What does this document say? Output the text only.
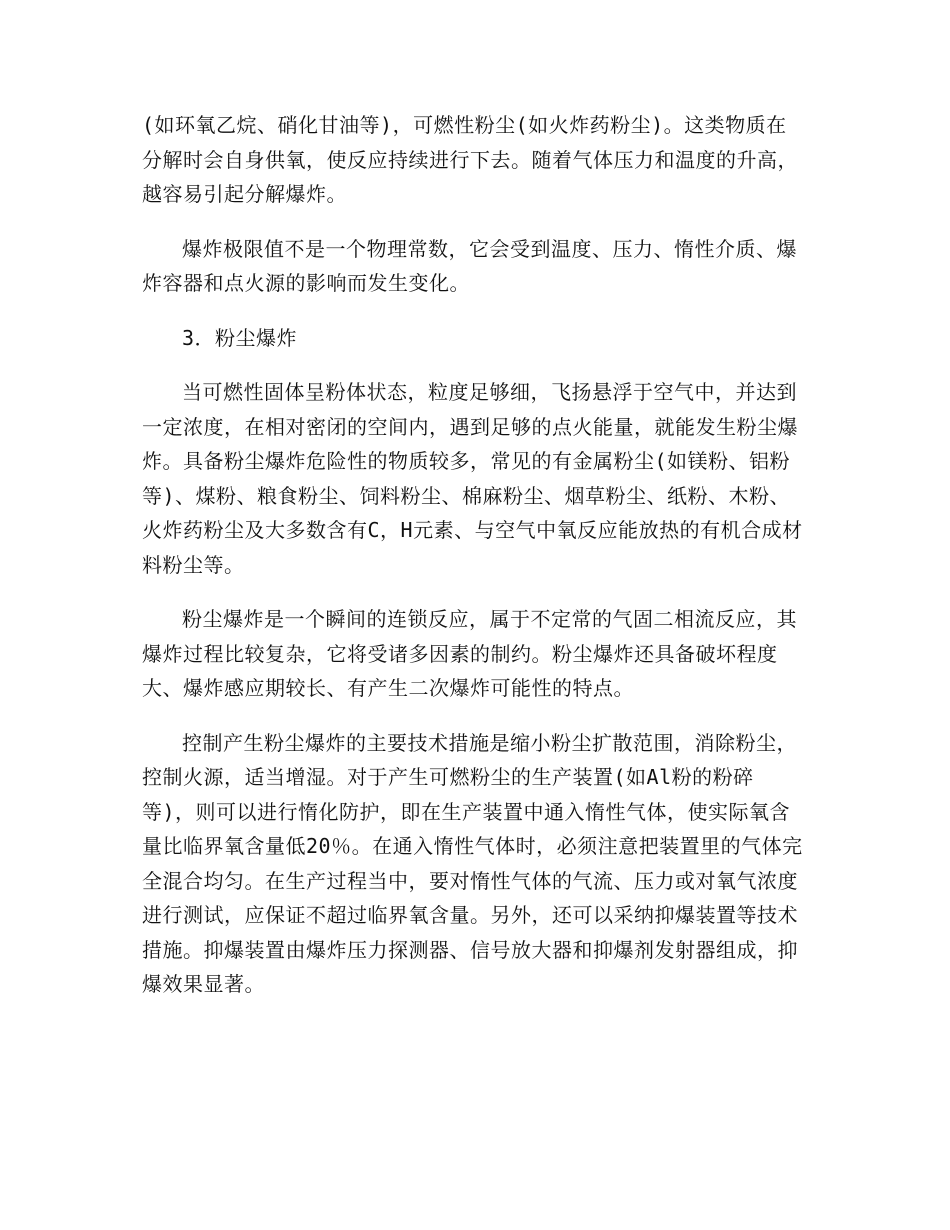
(如环氧乙烷、硝化甘油等)，可燃性粉尘(如火炸药粉尘)。这类物质在分解时会自身供氧，使反应持续进行下去。随着气体压力和温度的升高，越容易引起分解爆炸。

爆炸极限值不是一个物理常数，它会受到温度、压力、惰性介质、爆炸容器和点火源的影响而发生变化。

3．粉尘爆炸

当可燃性固体呈粉体状态，粒度足够细，飞扬悬浮于空气中，并达到一定浓度，在相对密闭的空间内，遇到足够的点火能量，就能发生粉尘爆炸。具备粉尘爆炸危险性的物质较多，常见的有金属粉尘(如镁粉、铝粉等)、煤粉、粮食粉尘、饲料粉尘、棉麻粉尘、烟草粉尘、纸粉、木粉、火炸药粉尘及大多数含有C，H元素、与空气中氧反应能放热的有机合成材料粉尘等。

粉尘爆炸是一个瞬间的连锁反应，属于不定常的气固二相流反应，其爆炸过程比较复杂，它将受诸多因素的制约。粉尘爆炸还具备破坏程度大、爆炸感应期较长、有产生二次爆炸可能性的特点。

控制产生粉尘爆炸的主要技术措施是缩小粉尘扩散范围，消除粉尘，控制火源，适当增湿。对于产生可燃粉尘的生产装置(如Al粉的粉碎等)，则可以进行惰化防护，即在生产装置中通入惰性气体，使实际氧含量比临界氧含量低20％。在通入惰性气体时，必须注意把装置里的气体完全混合均匀。在生产过程当中，要对惰性气体的气流、压力或对氧气浓度进行测试，应保证不超过临界氧含量。另外，还可以采纳抑爆装置等技术措施。抑爆装置由爆炸压力探测器、信号放大器和抑爆剂发射器组成，抑爆效果显著。
